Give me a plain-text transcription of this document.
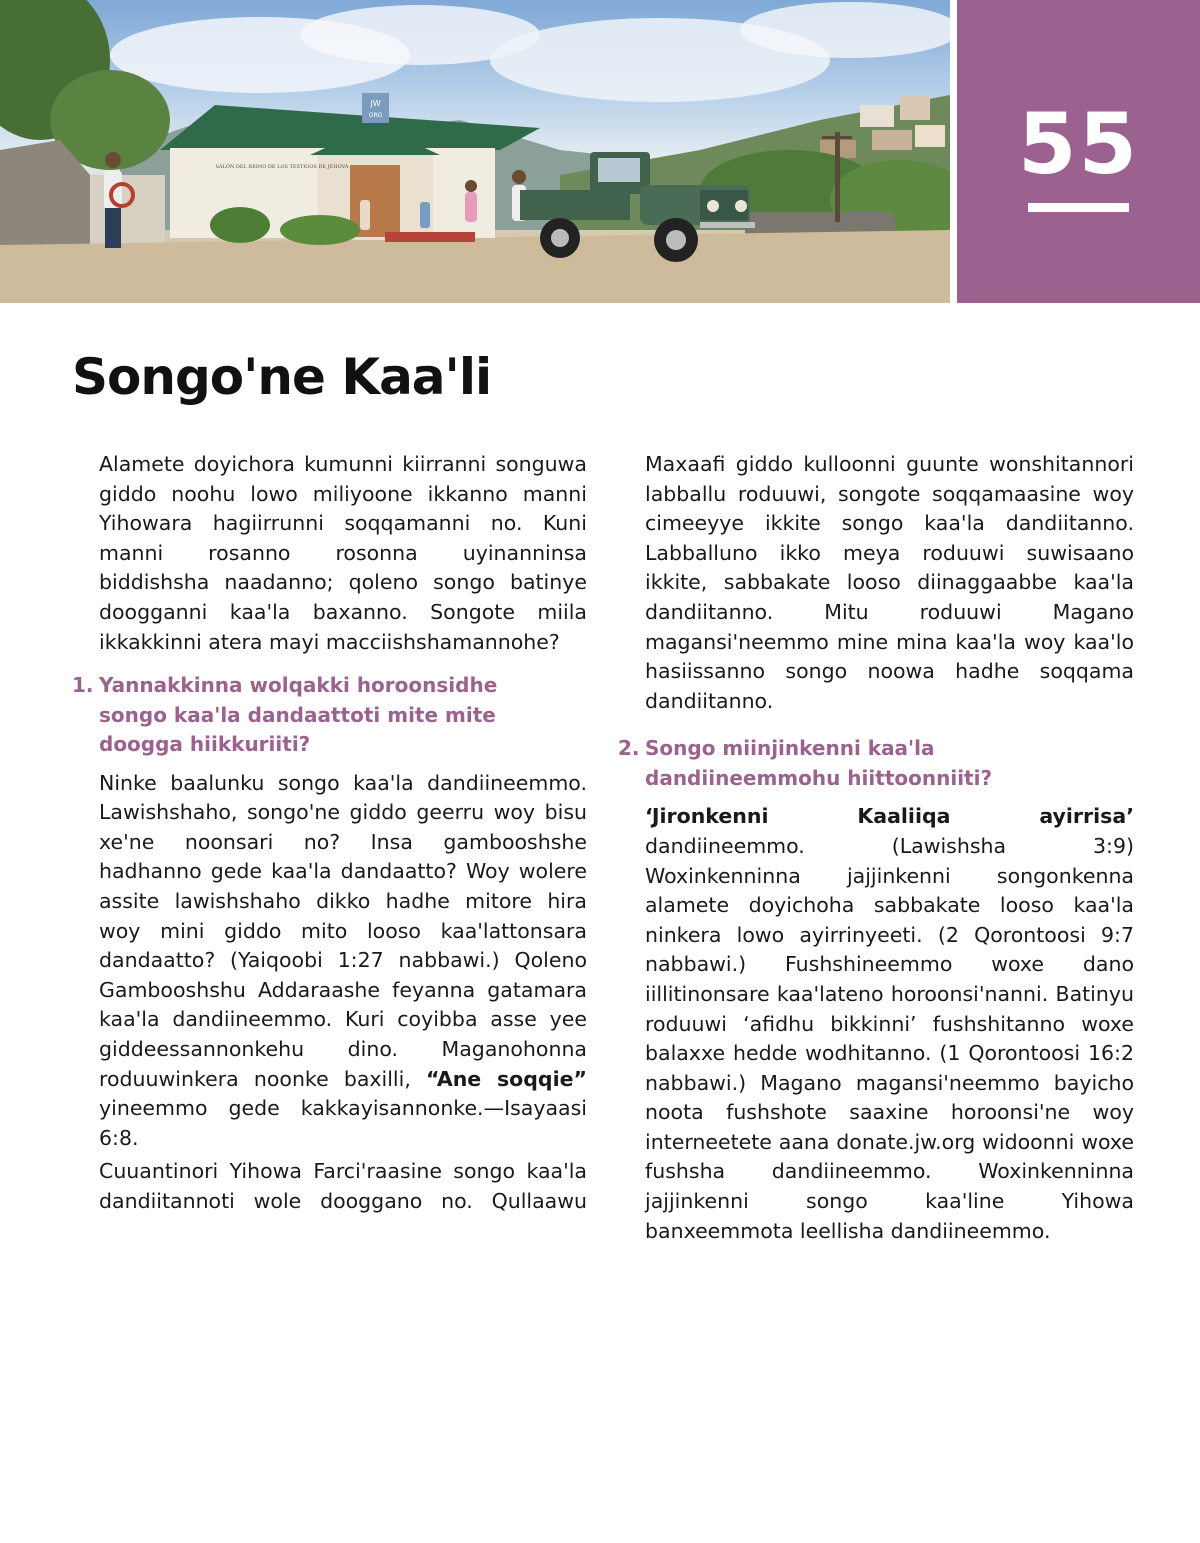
JW
ORG
SALÓN DEL REINO DE LOS TESTIGOS DE JEHOVÁ	55
Songo'ne Kaa'li

Alamete doyichora kumunni kiirranni songuwa giddo noohu lowo miliyoone ikkanno manni Yihowara hagiirrunni soqqamanni no. Kuni manni rosanno rosonna uyinanninsa biddishsha naadanno; qoleno songo batinye doogganni kaa'la baxanno. Songote miila ikkakkinni atera mayi macciishshamannohe?

1. Yannakkinna wolqakki horoonsidhe songo kaa'la dandaattoti mite mite doogga hiikkuriiti?

Ninke baalunku songo kaa'la dandiineemmo. Lawishshaho, songo'ne giddo geerru woy bisu xe'ne noonsari no? Insa gambooshshe hadhanno gede kaa'la dandaatto? Woy wolere assite lawishshaho dikko hadhe mitore hira woy mini giddo mito looso kaa'lattonsara dandaatto? (Yaiqoobi 1:27 nabbawi.) Qoleno Gambooshshu Addaraashe feyanna gatamara kaa'la dandiineemmo. Kuri coyibba asse yee giddeessannonkehu dino. Maganohonna roduuwinkera noonke baxilli, “Ane soqqie” yineemmo gede kakkayisannonke.—Isayaasi 6:8.

Cuuantinori Yihowa Farci'raasine songo kaa'la dandiitannoti wole dooggano no. Qullaawu

Maxaafi giddo kulloonni guunte wonshitannori labballu roduuwi, songote soqqamaasine woy cimeeyye ikkite songo kaa'la dandiitanno. Labballuno ikko meya roduuwi suwisaano ikkite, sabbakate looso diinaggaabbe kaa'la dandiitanno. Mitu roduuwi Magano magansi'neemmo mine mina kaa'la woy kaa'lo hasiissanno songo noowa hadhe soqqama dandiitanno.

2. Songo miinjinkenni kaa'la dandiineemmohu hiittoonniiti?

‘Jironkenni Kaaliiqa ayirrisa’ dandiineemmo. (Lawishsha 3:9) Woxinkenninna jajjinkenni songonkenna alamete doyichoha sabbakate looso kaa'la ninkera lowo ayirrinyeeti. (2 Qorontoosi 9:7 nabbawi.) Fushshineemmo woxe dano iillitinonsare kaa'lateno horoonsi'nanni. Batinyu roduuwi ‘afidhu bikkinni’ fushshitanno woxe balaxxe hedde wodhitanno. (1 Qorontoosi 16:2 nabbawi.) Magano magansi'neemmo bayicho noota fushshote saaxine horoonsi'ne woy interneetete aana donate.jw.org widoonni woxe fushsha dandiineemmo. Woxinkenninna jajjinkenni songo kaa'line Yihowa banxeemmota leellisha dandiineemmo.
